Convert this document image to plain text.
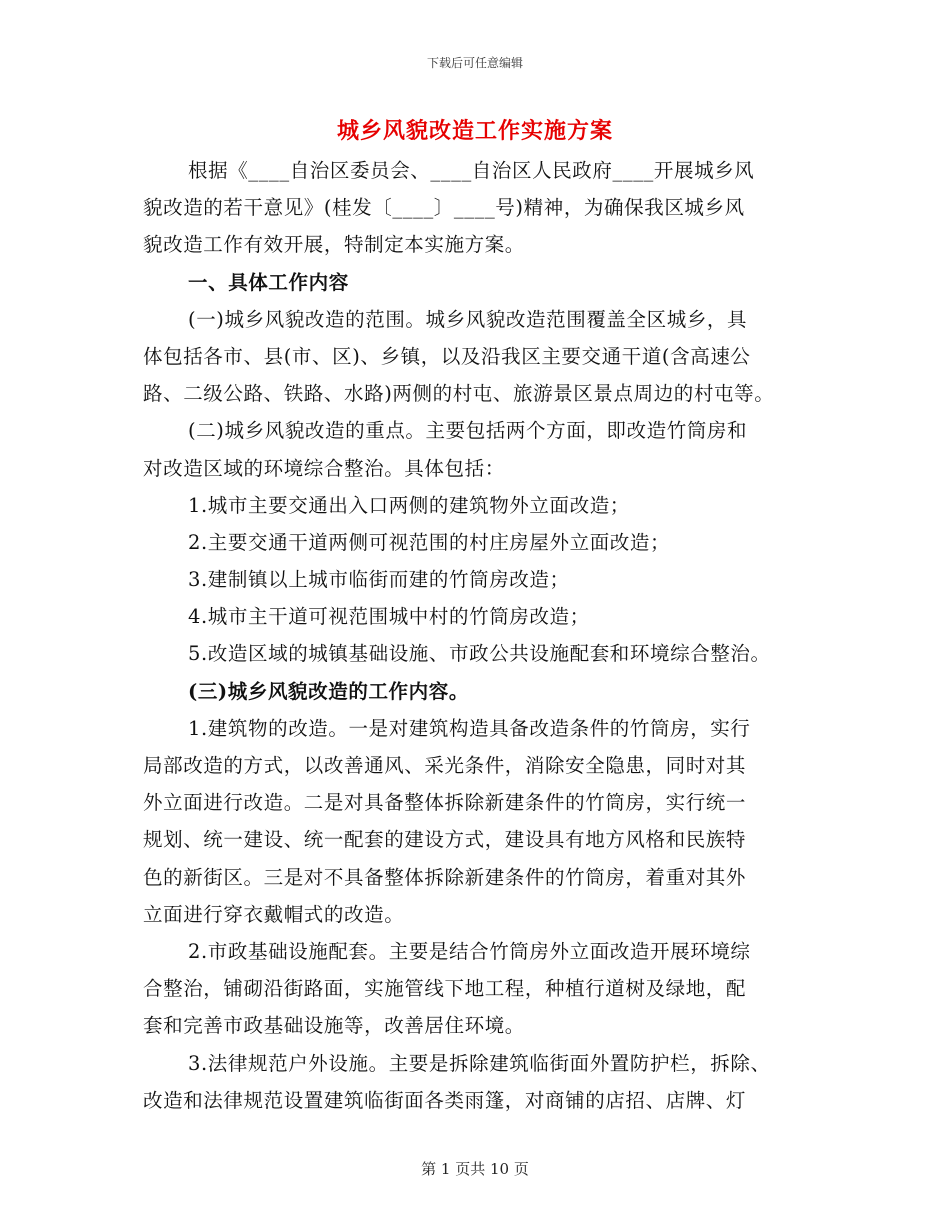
下载后可任意编辑
城乡风貌改造工作实施方案
根据《____自治区委员会、____自治区人民政府____开展城乡风
貌改造的若干意见》(桂发〔____〕____号)精神，为确保我区城乡风
貌改造工作有效开展，特制定本实施方案。
一、具体工作内容
(一)城乡风貌改造的范围。城乡风貌改造范围覆盖全区城乡，具
体包括各市、县(市、区)、乡镇，以及沿我区主要交通干道(含高速公
路、二级公路、铁路、水路)两侧的村屯、旅游景区景点周边的村屯等。
(二)城乡风貌改造的重点。主要包括两个方面，即改造竹筒房和
对改造区域的环境综合整治。具体包括：
1.城市主要交通出入口两侧的建筑物外立面改造；
2.主要交通干道两侧可视范围的村庄房屋外立面改造；
3.建制镇以上城市临街而建的竹筒房改造；
4.城市主干道可视范围城中村的竹筒房改造；
5.改造区域的城镇基础设施、市政公共设施配套和环境综合整治。
(三)城乡风貌改造的工作内容。
1.建筑物的改造。一是对建筑构造具备改造条件的竹筒房，实行
局部改造的方式，以改善通风、采光条件，消除安全隐患，同时对其
外立面进行改造。二是对具备整体拆除新建条件的竹筒房，实行统一
规划、统一建设、统一配套的建设方式，建设具有地方风格和民族特
色的新街区。三是对不具备整体拆除新建条件的竹筒房，着重对其外
立面进行穿衣戴帽式的改造。
2.市政基础设施配套。主要是结合竹筒房外立面改造开展环境综
合整治，铺砌沿街路面，实施管线下地工程，种植行道树及绿地，配
套和完善市政基础设施等，改善居住环境。
3.法律规范户外设施。主要是拆除建筑临街面外置防护栏，拆除、
改造和法律规范设置建筑临街面各类雨篷，对商铺的店招、店牌、灯
第 1 页共 10 页
